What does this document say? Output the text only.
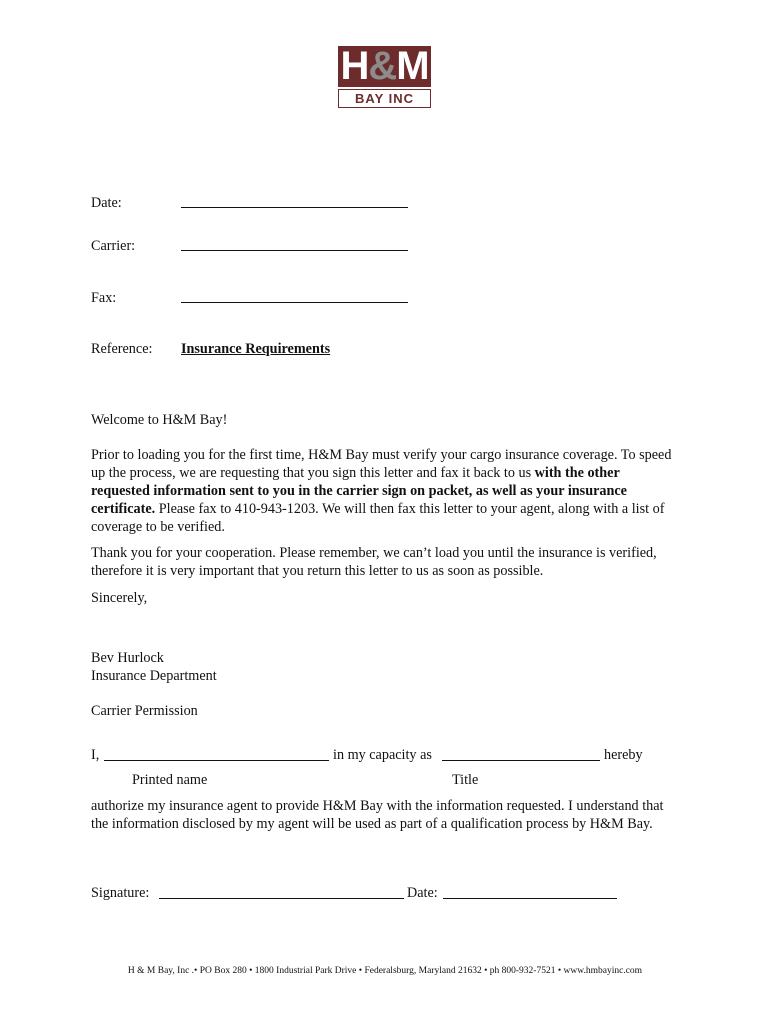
H&M
BAY INC
Date:
Carrier:
Fax:
Reference: Insurance Requirements
Welcome to H&M Bay!
Prior to loading you for the first time, H&M Bay must verify your cargo insurance coverage. To speed up the process, we are requesting that you sign this letter and fax it back to us with the other requested information sent to you in the carrier sign on packet, as well as your insurance certificate. Please fax to 410-943-1203. We will then fax this letter to your agent, along with a list of coverage to be verified.
Thank you for your cooperation. Please remember, we can’t load you until the insurance is verified, therefore it is very important that you return this letter to us as soon as possible.
Sincerely,
Bev Hurlock
Insurance Department
Carrier Permission
I,	in my capacity as	hereby
Printed name	Title
authorize my insurance agent to provide H&M Bay with the information requested. I understand that the information disclosed by my agent will be used as part of a qualification process by H&M Bay.
Signature:	Date:
H & M Bay, Inc .• PO Box 280 • 1800 Industrial Park Drive • Federalsburg, Maryland 21632 • ph 800-932-7521 • www.hmbayinc.com
